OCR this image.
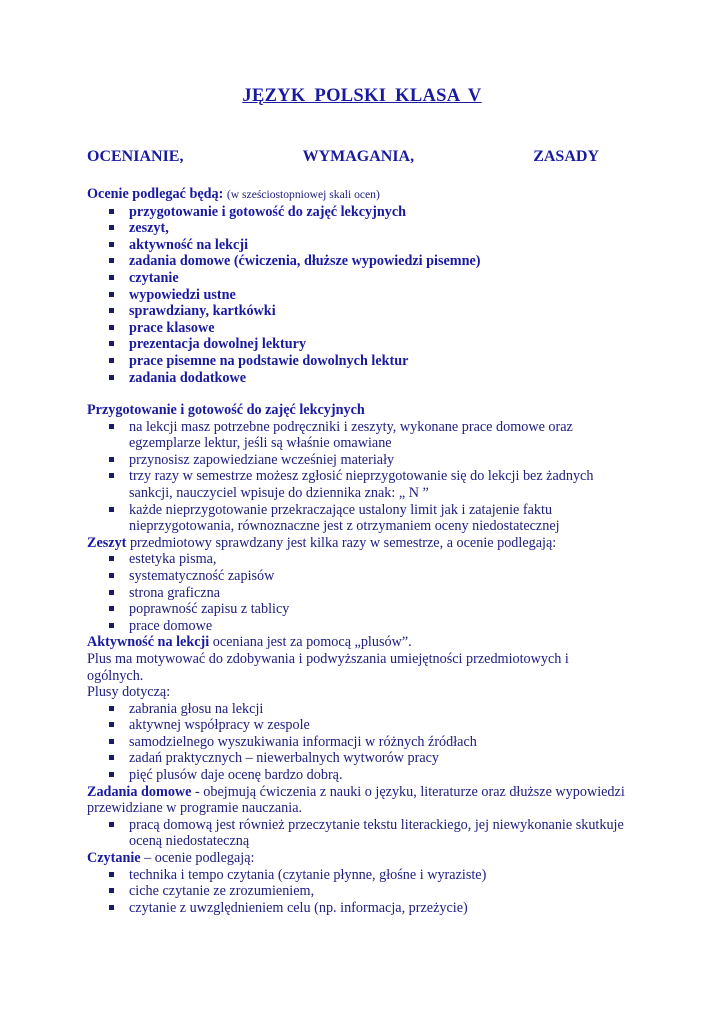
JĘZYK POLSKI KLASA V
OCENIANIE,	WYMAGANIA,	ZASADY

Ocenie podlegać będą: (w sześciostopniowej skali ocen)

przygotowanie i gotowość do zajęć lekcyjnych
zeszyt,
aktywność na lekcji
zadania domowe (ćwiczenia, dłuższe wypowiedzi pisemne)
czytanie
wypowiedzi ustne
sprawdziany, kartkówki
prace klasowe
prezentacja dowolnej lektury
prace pisemne na podstawie dowolnych lektur
zadania dodatkowe

Przygotowanie i gotowość do zajęć lekcyjnych

na lekcji masz potrzebne podręczniki i zeszyty, wykonane prace domowe oraz egzemplarze lektur, jeśli są właśnie omawiane
przynosisz zapowiedziane wcześniej materiały
trzy razy w semestrze możesz zgłosić nieprzygotowanie się do lekcji bez żadnych sankcji, nauczyciel wpisuje do dziennika znak: „ N ”
każde nieprzygotowanie przekraczające ustalony limit jak i zatajenie faktu nieprzygotowania, równoznaczne jest z otrzymaniem oceny niedostatecznej

Zeszyt przedmiotowy sprawdzany jest kilka razy w semestrze, a ocenie podlegają:

estetyka pisma,
systematyczność zapisów
strona graficzna
poprawność zapisu z tablicy
prace domowe

Aktywność na lekcji oceniana jest za pomocą „plusów”.

Plus ma motywować do zdobywania i podwyższania umiejętności przedmiotowych i ogólnych.

Plusy dotyczą:

zabrania głosu na lekcji
aktywnej współpracy w zespole
samodzielnego wyszukiwania informacji w różnych źródłach
zadań praktycznych – niewerbalnych wytworów pracy
pięć plusów daje ocenę bardzo dobrą.

Zadania domowe - obejmują ćwiczenia z nauki o języku, literaturze oraz dłuższe wypowiedzi przewidziane w programie nauczania.

pracą domową jest również przeczytanie tekstu literackiego, jej niewykonanie skutkuje oceną niedostateczną

Czytanie – ocenie podlegają:

technika i tempo czytania (czytanie płynne, głośne i wyraziste)
ciche czytanie ze zrozumieniem,
czytanie z uwzględnieniem celu (np. informacja, przeżycie)
